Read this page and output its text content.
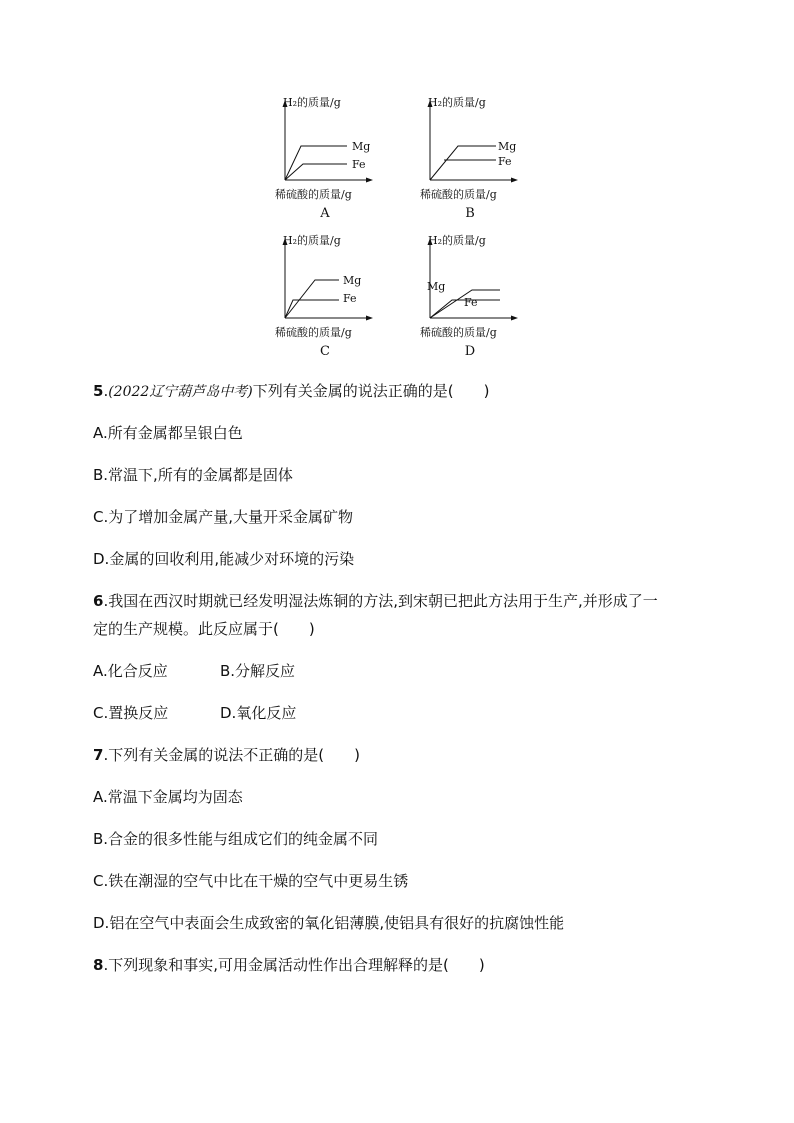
H₂的质量/g
Mg
Fe
稀硫酸的质量/g
A
H₂的质量/g
Mg
Fe
稀硫酸的质量/g
B
H₂的质量/g
Mg
Fe
稀硫酸的质量/g
C
H₂的质量/g
Mg
Fe
稀硫酸的质量/g
D
5.(2022辽宁葫芦岛中考)下列有关金属的说法正确的是( )
A.所有金属都呈银白色
B.常温下,所有的金属都是固体
C.为了增加金属产量,大量开采金属矿物
D.金属的回收利用,能减少对环境的污染
6.我国在西汉时期就已经发明湿法炼铜的方法,到宋朝已把此方法用于生产,并形成了一
定的生产规模。此反应属于( )
A.化合反应	B.分解反应
C.置换反应	D.氧化反应
7.下列有关金属的说法不正确的是( )
A.常温下金属均为固态
B.合金的很多性能与组成它们的纯金属不同
C.铁在潮湿的空气中比在干燥的空气中更易生锈
D.铝在空气中表面会生成致密的氧化铝薄膜,使铝具有很好的抗腐蚀性能
8.下列现象和事实,可用金属活动性作出合理解释的是( )
